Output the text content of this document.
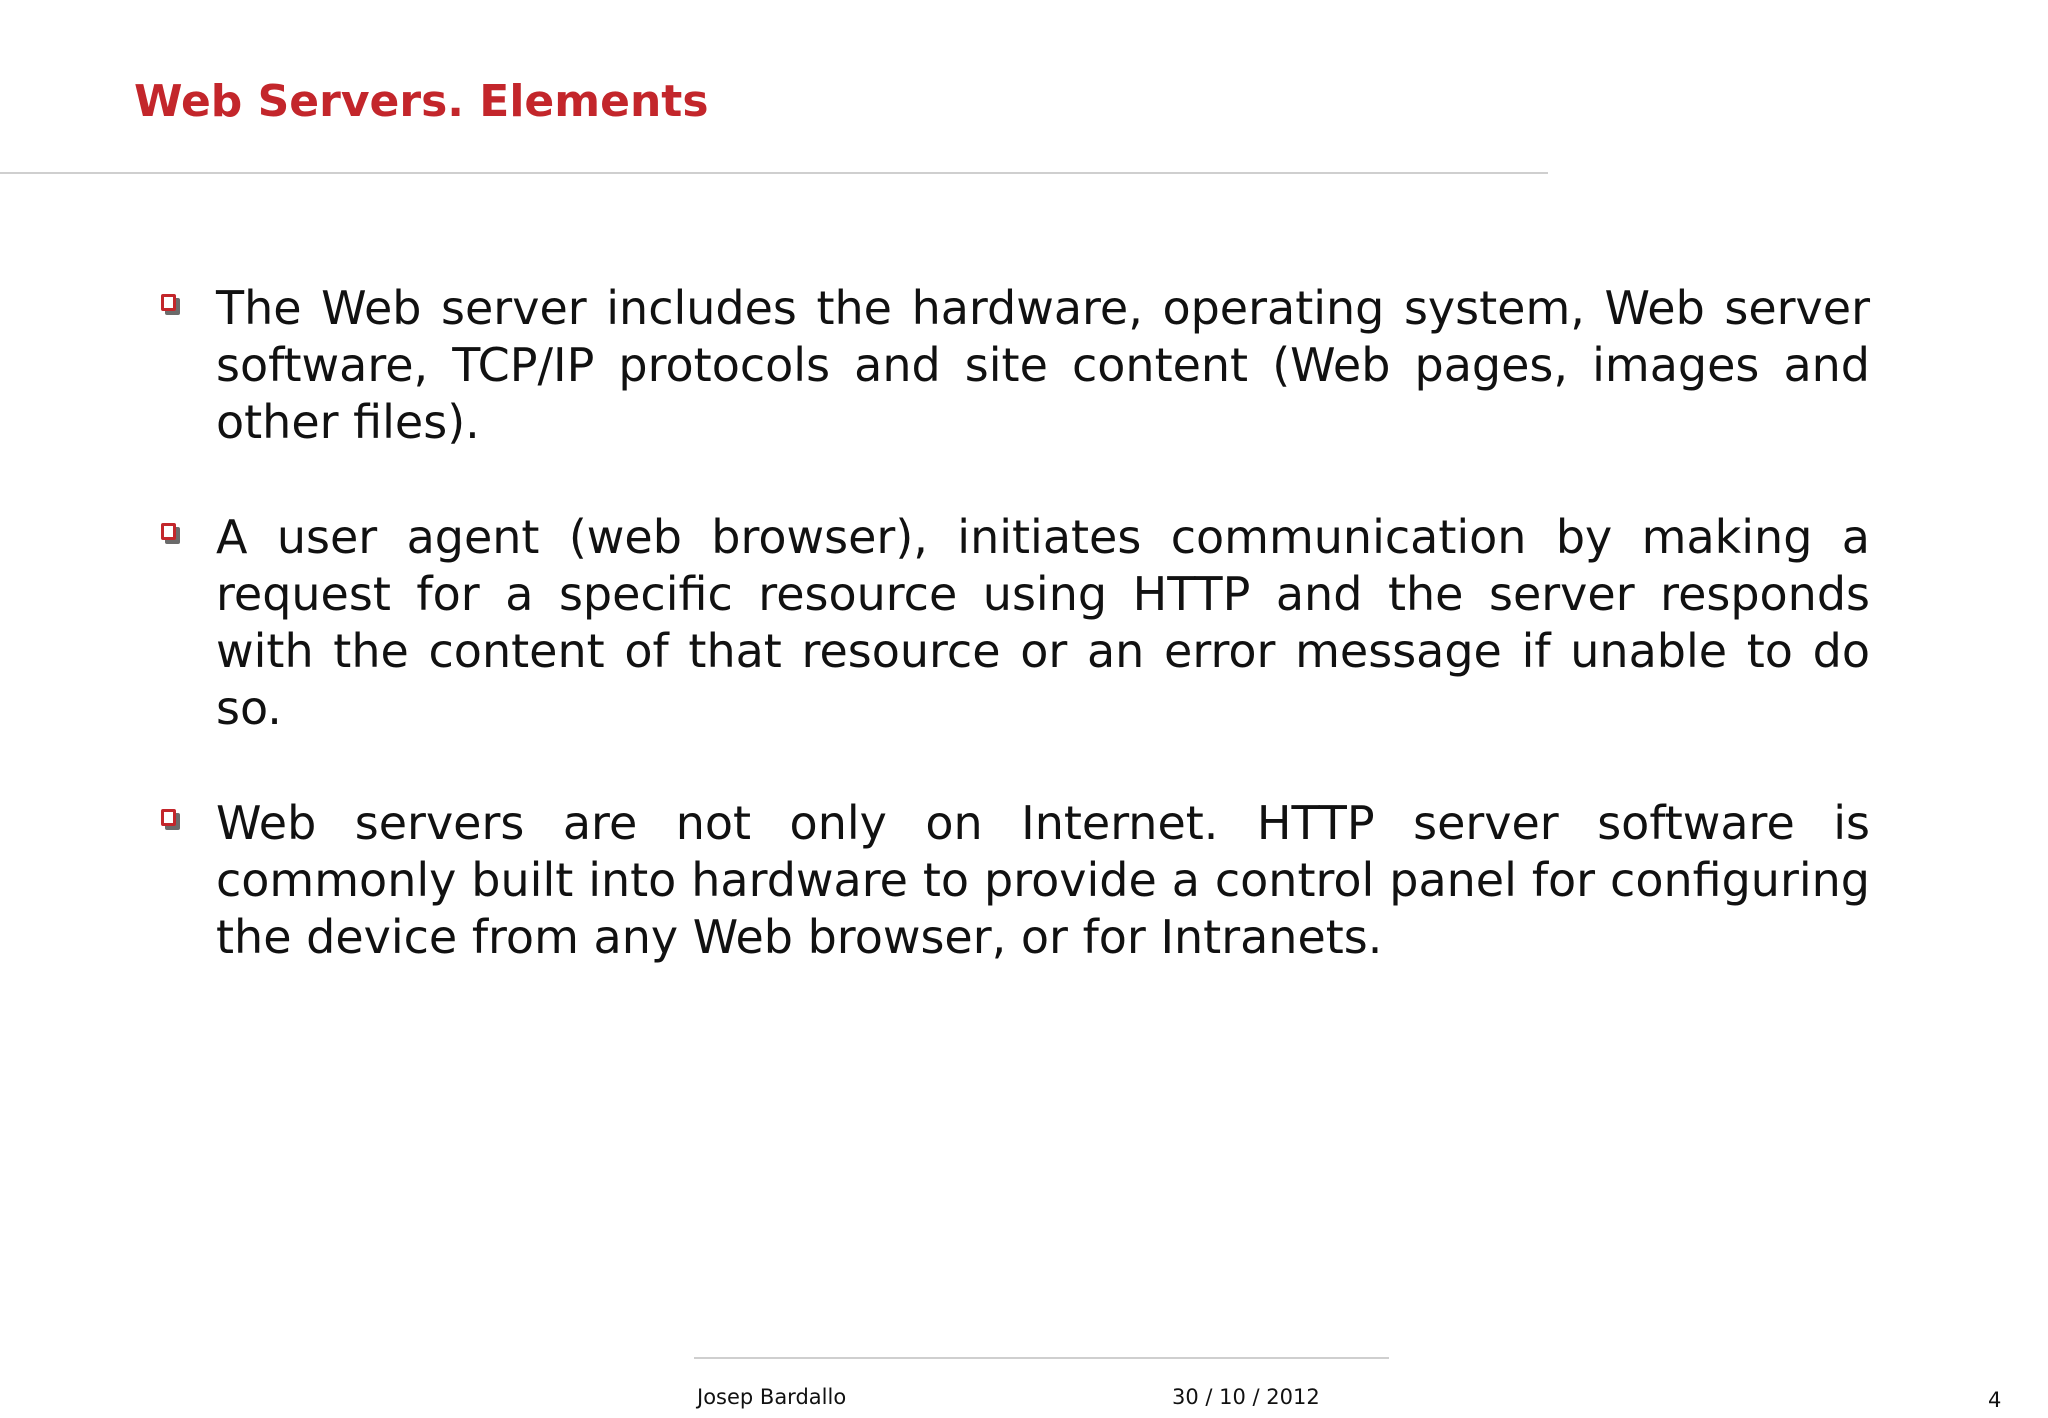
Web Servers. Elements
The Web server includes the hardware, operating system, Web server software, TCP/IP protocols and site content (Web pages, images and other files).
A user agent (web browser), initiates communication by making a request for a specific resource using HTTP and the server responds with the content of that resource or an error message if unable to do so.
Web servers are not only on Internet. HTTP server software is commonly built into hardware to provide a control panel for configuring the device from any Web browser, or for Intranets.
Josep Bardallo	30 / 10 / 2012	4
